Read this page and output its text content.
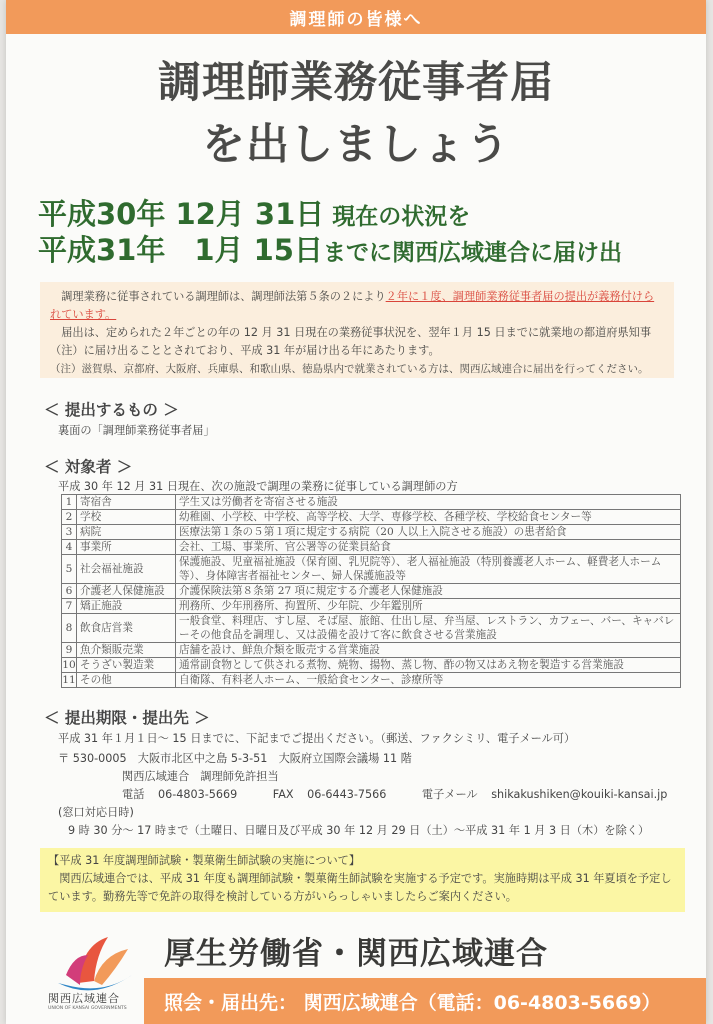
調理師の皆様へ
調理師業務従事者届
を出しましょう
平成30年 12月 31日 現在の状況を
平成31年　1月 15日までに関西広域連合に届け出

　調理業務に従事されている調理師は、調理師法第５条の２により２年に１度、調理師業務従事者届の提出が義務付けられています。

　届出は、定められた２年ごとの年の 12 月 31 日現在の業務従事状況を、翌年１月 15 日までに就業地の都道府県知事（注）に届け出ることとされており、平成 31 年が届け出る年にあたります。

（注）滋賀県、京都府、大阪府、兵庫県、和歌山県、徳島県内で就業されている方は、関西広域連合に届出を行ってください。

＜ 提出するもの ＞
裏面の「調理師業務従事者届」
＜ 対象者 ＞
平成 30 年 12 月 31 日現在、次の施設で調理の業務に従事している調理師の方
1	寄宿舎	学生又は労働者を寄宿させる施設
2	学校	幼稚園、小学校、中学校、高等学校、大学、専修学校、各種学校、学校給食センター等
3	病院	医療法第１条の５第１項に規定する病院（20 人以上入院させる施設）の患者給食
4	事業所	会社、工場、事業所、官公署等の従業員給食
5	社会福祉施設	保護施設、児童福祉施設（保育園、乳児院等）、老人福祉施設（特別養護老人ホーム、軽費老人ホーム等）、身体障害者福祉センター、婦人保護施設等
6	介護老人保健施設	介護保険法第８条第 27 項に規定する介護老人保健施設
7	矯正施設	刑務所、少年刑務所、拘置所、少年院、少年鑑別所
8	飲食店営業	一般食堂、料理店、すし屋、そば屋、旅館、仕出し屋、弁当屋、レストラン、カフェー、バー、キャバレーその他食品を調理し、又は設備を設けて客に飲食させる営業施設
9	魚介類販売業	店舗を設け、鮮魚介類を販売する営業施設
10	そうざい製造業	通常副食物として供される煮物、焼物、揚物、蒸し物、酢の物又はあえ物を製造する営業施設
11	その他	自衛隊、有料老人ホーム、一般給食センター、診療所等
＜ 提出期限・提出先 ＞
平成 31 年１月１日～ 15 日までに、下記までご提出ください。（郵送、ファクシミリ、電子メール可）
〒 530-0005　大阪市北区中之島 5-3-51　大阪府立国際会議場 11 階
関西広域連合　調理師免許担当
電話 06-4803-5669	FAX 06-6443-7566	電子メール shikakushiken@kouiki-kansai.jp
(窓口対応日時)
9 時 30 分～ 17 時まで（土曜日、日曜日及び平成 30 年 12 月 29 日（土）～平成 31 年 1 月 3 日（木）を除く）

【平成 31 年度調理師試験・製菓衛生師試験の実施について】

　関西広域連合では、平成 31 年度も調理師試験・製菓衛生師試験を実施する予定です。実施時期は平成 31 年夏頃を予定しています。勤務先等で免許の取得を検討している方がいらっしゃいましたらご案内ください。

関西広域連合
UNION OF KANSAI GOVERNMENTS
厚生労働省・関西広域連合
照会・届出先： 関西広域連合（電話：06-4803-5669）
